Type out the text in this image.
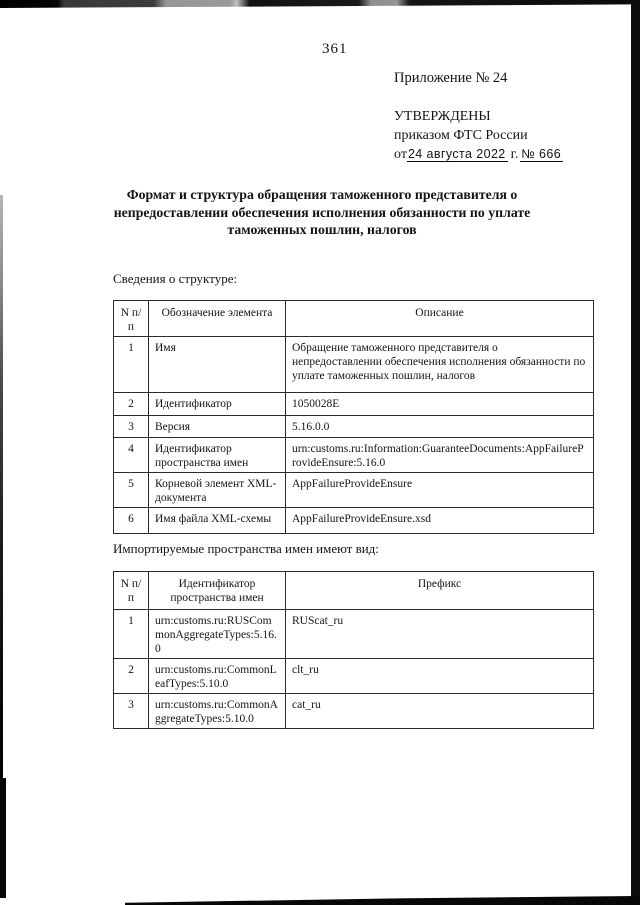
361
Приложение № 24
УТВЕРЖДЕНЫ
приказом ФТС России
от24 августа 2022 г. № 666
Формат и структура обращения таможенного представителя о непредоставлении обеспечения исполнения обязанности по уплате таможенных пошлин, налогов
Сведения о структуре:
N п/п	Обозначение элемента	Описание
1	Имя	Обращение таможенного представителя о непредоставлении обеспечения исполнения обязанности по уплате таможенных пошлин, налогов
2	Идентификатор	1050028E
3	Версия	5.16.0.0
4	Идентификатор пространства имен	urn:customs.ru:Information:GuaranteeDocuments:AppFailureProvideEnsure:5.16.0
5	Корневой элемент XML-документа	AppFailureProvideEnsure
6	Имя файла XML-схемы	AppFailureProvideEnsure.xsd
Импортируемые пространства имен имеют вид:
N п/п	Идентификатор пространства имен	Префикс
1	urn:customs.ru:RUSCommonAggregateTypes:5.16.0	RUScat_ru
2	urn:customs.ru:CommonLeafTypes:5.10.0	clt_ru
3	urn:customs.ru:CommonAggregateTypes:5.10.0	cat_ru
